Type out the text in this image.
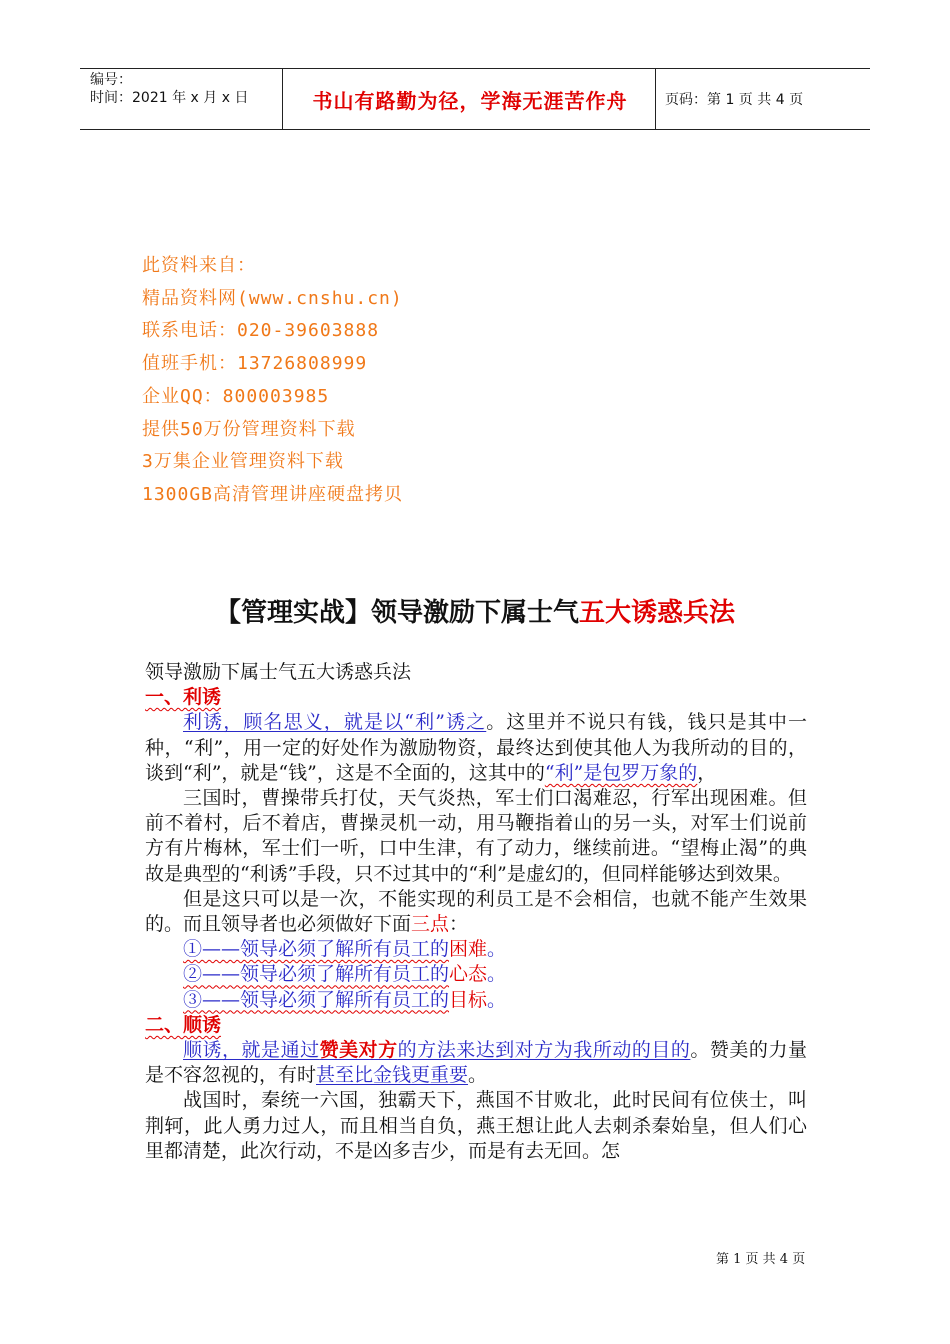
编号：
时间：2021 年 x 月 x 日	书山有路勤为径，学海无涯苦作舟	页码：第 1 页 共 4 页
此资料来自：
精品资料网(www.cnshu.cn)
联系电话：020-39603888
值班手机：13726808999
企业QQ：800003985
提供50万份管理资料下载
3万集企业管理资料下载
1300GB高清管理讲座硬盘拷贝
【管理实战】领导激励下属士气五大诱惑兵法

领导激励下属士气五大诱惑兵法

一、利诱

利诱，顾名思义，就是以“利”诱之。这里并不说只有钱，钱只是其中一种，“利”，用一定的好处作为激励物资，最终达到使其他人为我所动的目的，谈到“利”，就是“钱”，这是不全面的，这其中的“利”是包罗万象的，

三国时，曹操带兵打仗，天气炎热，军士们口渴难忍，行军出现困难。但前不着村，后不着店，曹操灵机一动，用马鞭指着山的另一头，对军士们说前方有片梅林，军士们一听，口中生津，有了动力，继续前进。“望梅止渴”的典故是典型的“利诱”手段，只不过其中的“利”是虚幻的，但同样能够达到效果。

但是这只可以是一次，不能实现的利员工是不会相信，也就不能产生效果的。而且领导者也必须做好下面三点：

①——领导必须了解所有员工的困难。

②——领导必须了解所有员工的心态。

③——领导必须了解所有员工的目标。

二、顺诱

顺诱，就是通过赞美对方的方法来达到对方为我所动的目的。赞美的力量是不容忽视的，有时甚至比金钱更重要。

战国时，秦统一六国，独霸天下，燕国不甘败北，此时民间有位侠士，叫荆轲，此人勇力过人，而且相当自负，燕王想让此人去刺杀秦始皇，但人们心里都清楚，此次行动，不是凶多吉少，而是有去无回。怎

第 1 页 共 4 页
